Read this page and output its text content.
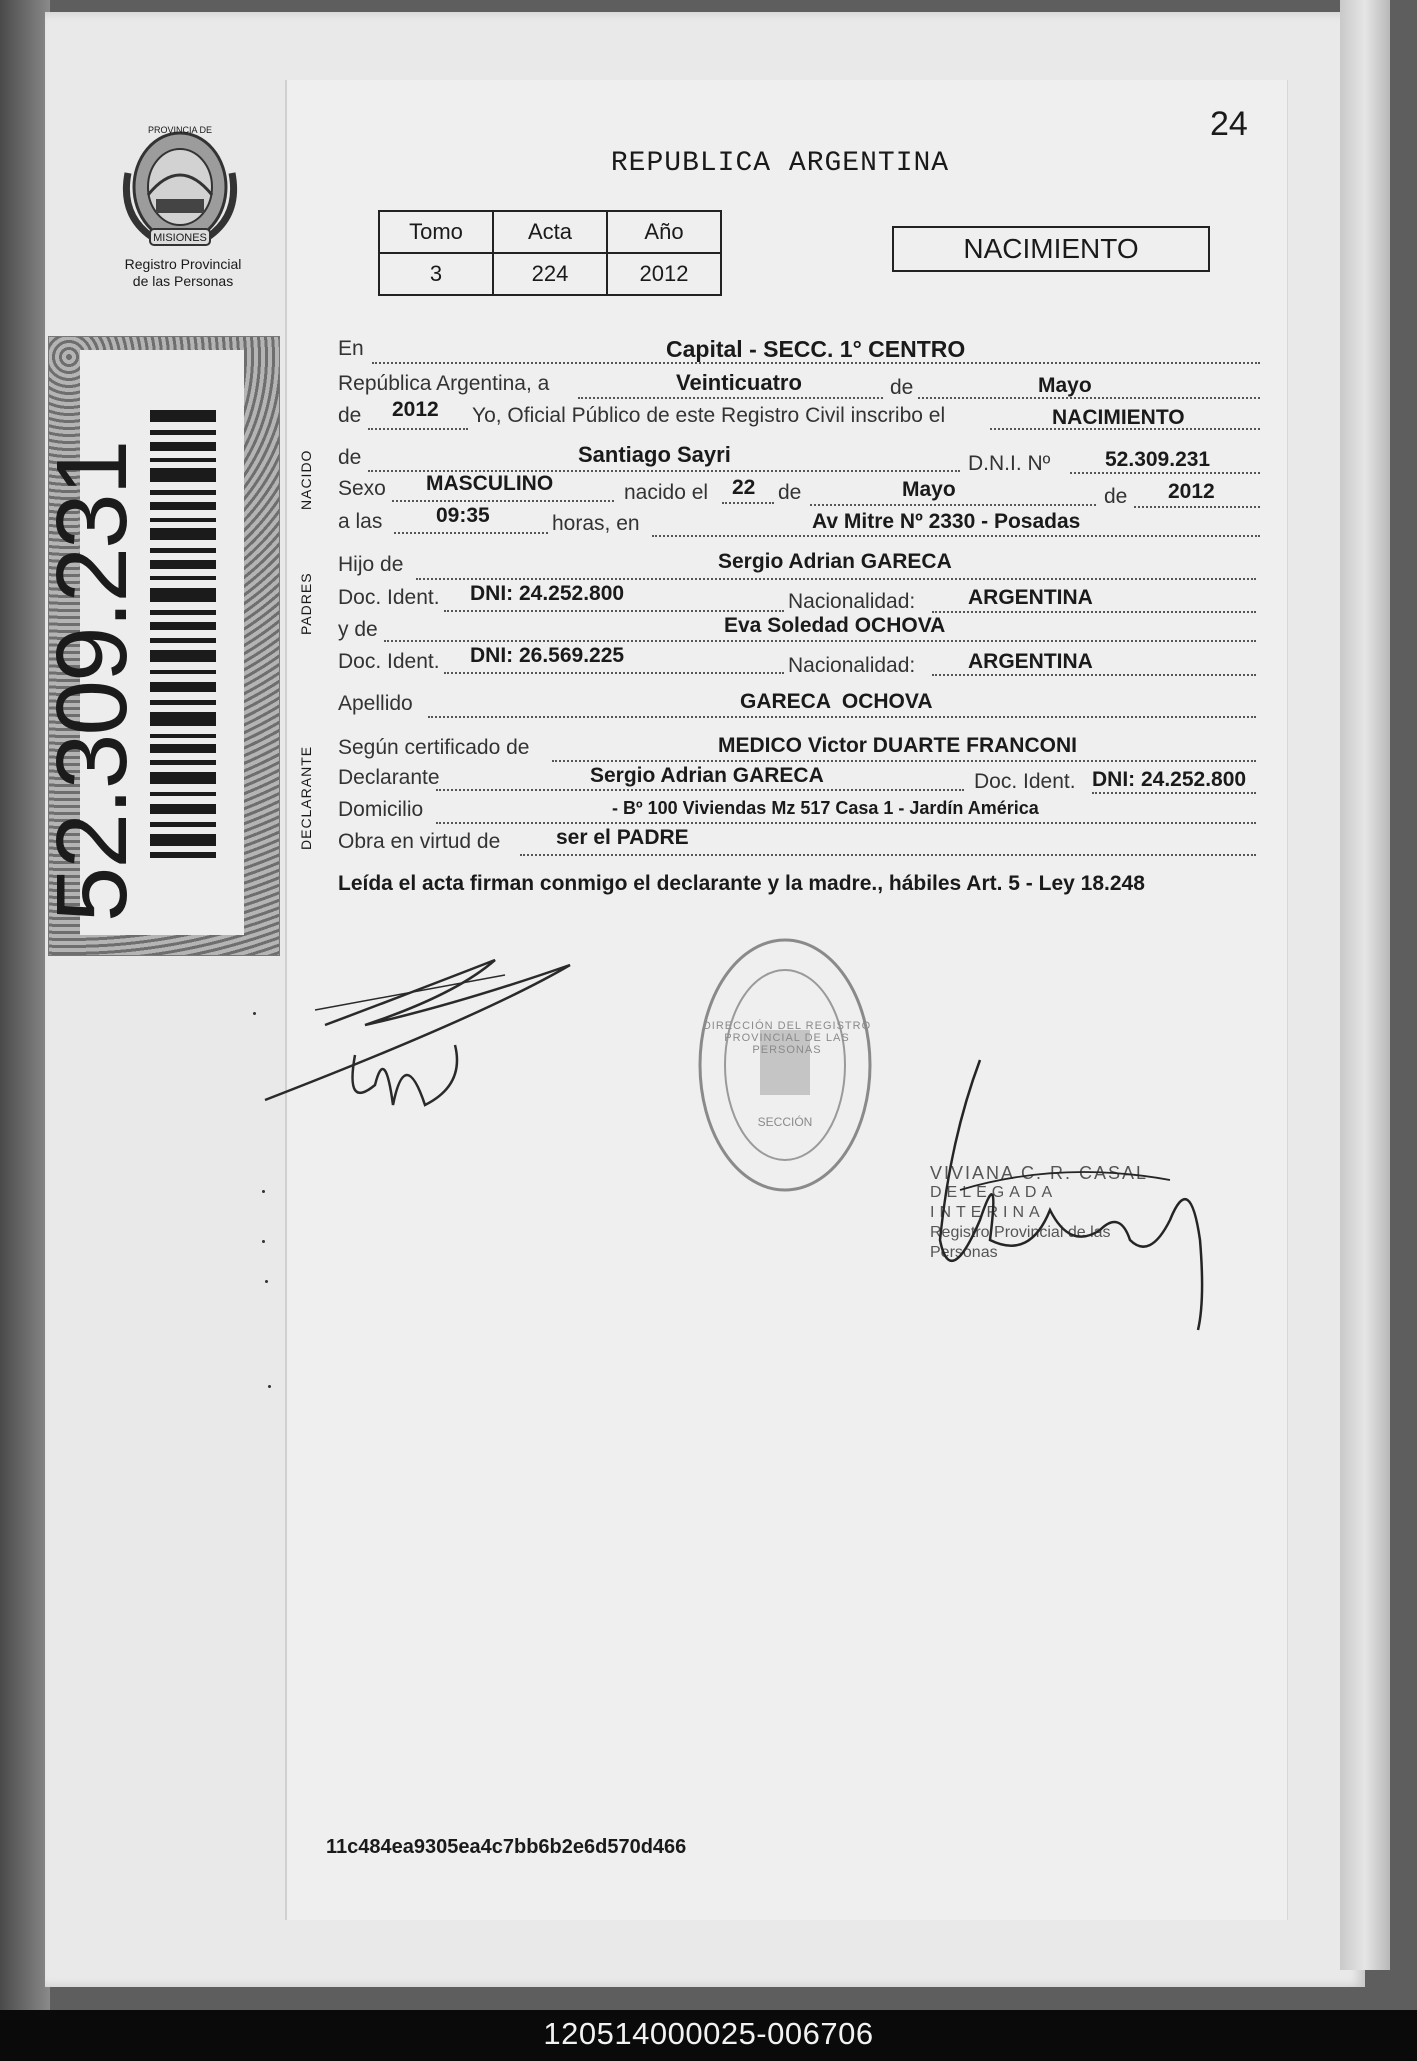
PROVINCIA DE
MISIONES
Registro Provincial
de las Personas
52.309.231
24
REPUBLICA ARGENTINA
Tomo	Acta	Año
3	224	2012
NACIMIENTO
NACIDO
PADRES
DECLARANTE
En	Capital - SECC. 1° CENTRO
República Argentina, a	Veinticuatro	de	Mayo
de 2012 Yo, Oficial Público de este Registro Civil inscribo el	NACIMIENTO
de	Santiago Sayri	D.N.I. Nº	52.309.231
Sexo MASCULINO	nacido el 22 de	Mayo	de 2012
a las	09:35	horas, en	Av Mitre Nº 2330 - Posadas
Hijo de	Sergio Adrian GARECA
Doc. Ident. DNI: 24.252.800	Nacionalidad:	ARGENTINA
y de	Eva Soledad OCHOVA
Doc. Ident. DNI: 26.569.225	Nacionalidad:	ARGENTINA
Apellido	GARECA  OCHOVA
Según certificado de	MEDICO Victor DUARTE FRANCONI
Declarante	Sergio Adrian GARECA	Doc. Ident. DNI: 24.252.800
Domicilio	- Bº 100 Viviendas Mz 517 Casa 1 - Jardín América
Obra en virtud de	ser el PADRE
Leída el acta firman conmigo el declarante y la madre., hábiles Art. 5 - Ley 18.248
DIRECCIÓN DEL REGISTRO PROVINCIAL DE LAS PERSONAS
SECCIÓN
VIVIANA C. R. CASAL
DELEGADA INTERINA
Registro Provincial de las Personas
11c484ea9305ea4c7bb6b2e6d570d466
120514000025-006706
